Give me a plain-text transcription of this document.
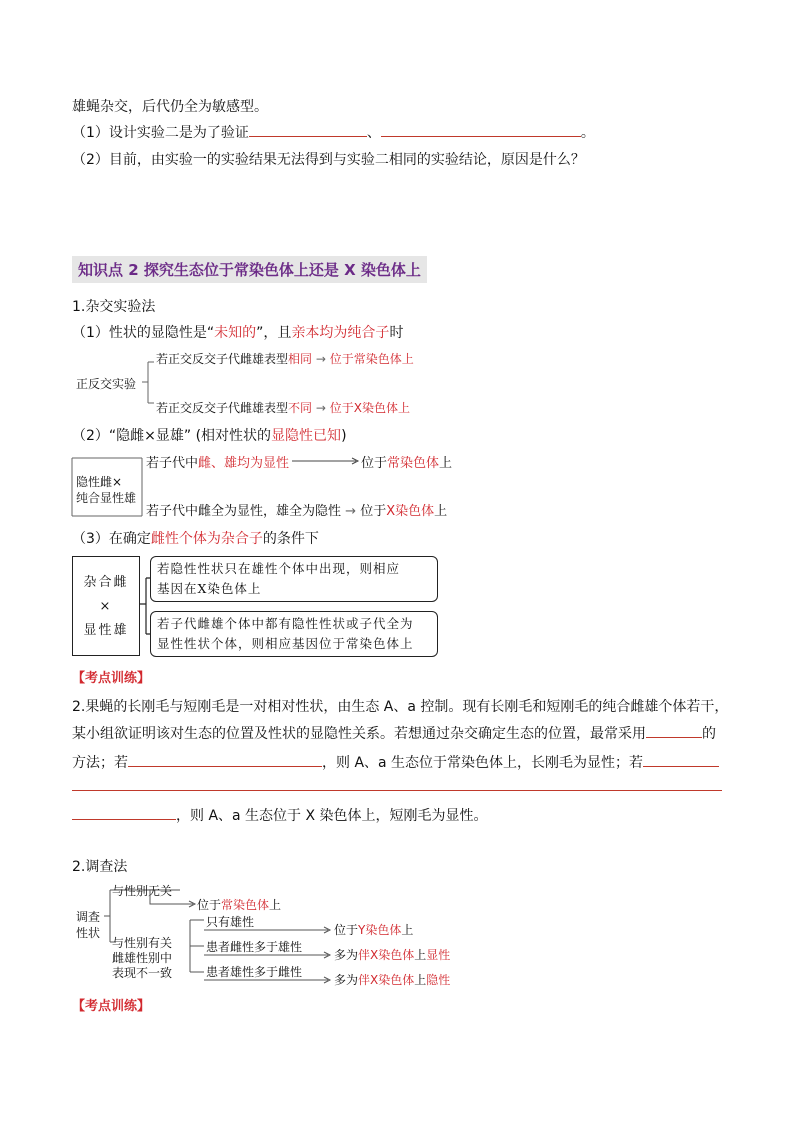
雄蝇杂交，后代仍全为敏感型。
（1）设计实验二是为了验证	、	。
（2）目前，由实验一的实验结果无法得到与实验二相同的实验结论，原因是什么？
知识点 2 探究生态位于常染色体上还是 X 染色体上
1.杂交实验法
（1）性状的显隐性是“未知的”，且亲本均为纯合子时
正反交实验
若正交反交子代雌雄表型相同 → 位于常染色体上
若正交反交子代雌雄表型不同 → 位于X染色体上
（2）“隐雌×显雄” (相对性状的显隐性已知)
隐性雌×
纯合显性雄
若子代中雌、雄均为显性	位于常染色体上
若子代中雌全为显性，雄全为隐性 → 位于X染色体上
（3）在确定雌性个体为杂合子的条件下
杂合雌
×
显性雄
若隐性性状只在雄性个体中出现，则相应
基因在X染色体上
若子代雌雄个体中都有隐性性状或子代全为
显性性状个体，则相应基因位于常染色体上
【考点训练】
2.果蝇的长刚毛与短刚毛是一对相对性状，由生态 A、a 控制。现有长刚毛和短刚毛的纯合雌雄个体若干，
某小组欲证明该对生态的位置及性状的显隐性关系。若想通过杂交确定生态的位置，最常采用	的
方法；若	，则 A、a 生态位于常染色体上，长刚毛为显性；若
，则 A、a 生态位于 X 染色体上，短刚毛为显性。
2.调查法
调查
性状
与性别无关
位于常染色体上
与性别有关
雌雄性别中
表现不一致
只有雄性
位于Y染色体上
患者雌性多于雄性
多为伴X染色体上显性
患者雄性多于雌性
多为伴X染色体上隐性
【考点训练】
